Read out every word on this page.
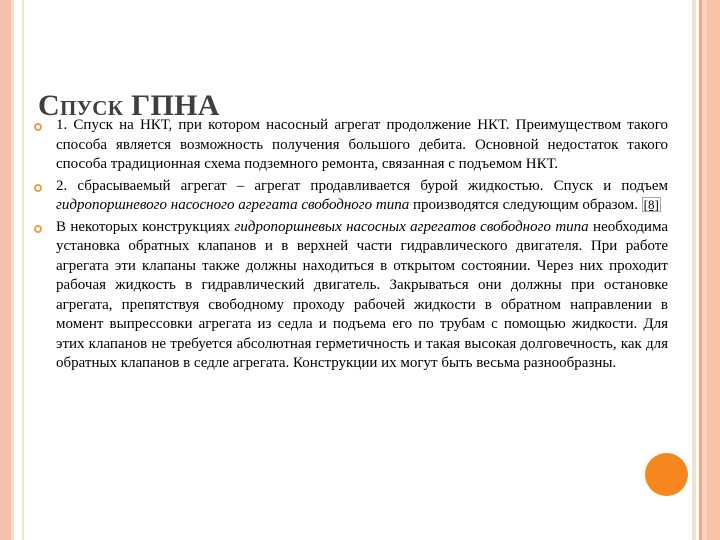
Спуск ГПНА
1. Спуск на НКТ, при котором насосный агрегат продолжение НКТ. Преимуществом такого способа является возможность получения большого дебита. Основной недостаток такого способа традиционная схема подземного ремонта, связанная с подъемом НКТ.
2. сбрасываемый агрегат – агрегат продавливается бурой жидкостью. Спуск и подъем гидропоршневого насосного агрегата свободного типа производятся следующим образом. [8]
В некоторых конструкциях гидропоршневых насосных агрегатов свободного типа необходима установка обратных клапанов и в верхней части гидравлического двигателя. При работе агрегата эти клапаны также должны находиться в открытом состоянии. Через них проходит рабочая жидкость в гидравлический двигатель. Закрываться они должны при остановке агрегата, препятствуя свободному проходу рабочей жидкости в обратном направлении в момент выпрессовки агрегата из седла и подъема его по трубам с помощью жидкости. Для этих клапанов не требуется абсолютная герметичность и такая высокая долговечность, как для обратных клапанов в седле агрегата. Конструкции их могут быть весьма разнообразны.
